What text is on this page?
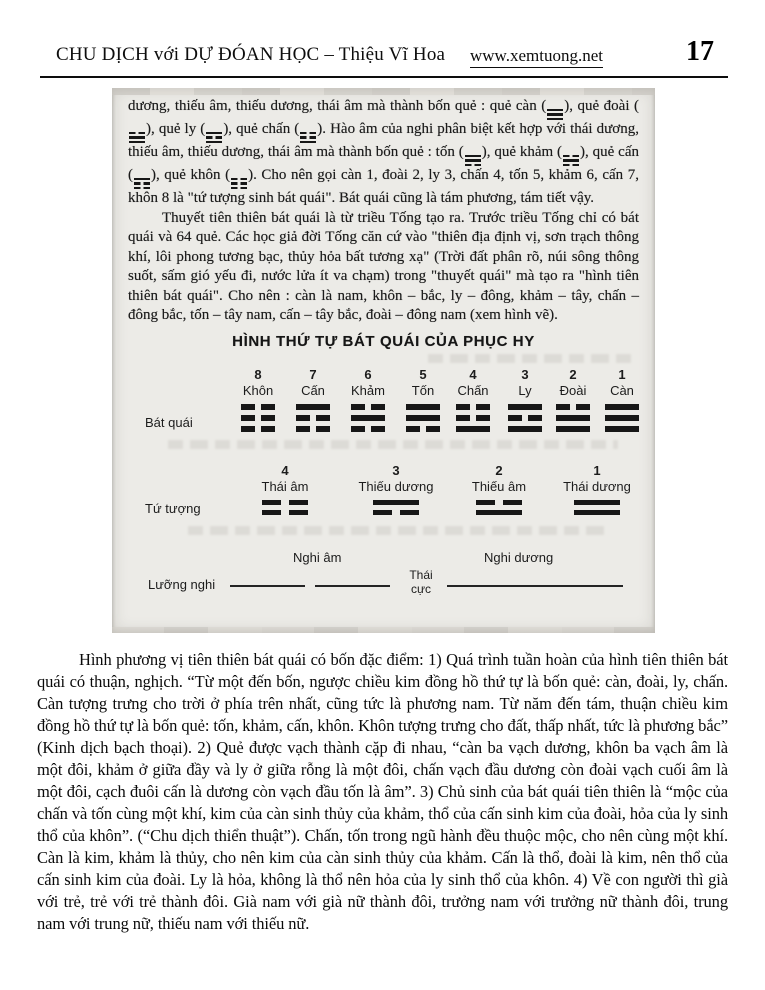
CHU DỊCH với DỰ ĐÓAN HỌC – Thiệu Vĩ Hoa www.xemtuong.net	17

dương, thiếu âm, thiếu dương, thái âm mà thành bốn quẻ : quẻ càn ( ), quẻ đoài (
), quẻ ly ( ), quẻ chấn ( ). Hào âm của nghi phân biệt kết hợp với thái dương, thiếu âm, thiếu dương, thái âm mà thành bốn quẻ : tốn ( ), quẻ khảm ( ), quẻ cấn ( ), quẻ khôn ( ). Cho nên gọi càn 1, đoài 2, ly 3, chấn 4, tốn 5, khảm 6, cấn 7, khôn 8 là "tứ tượng sinh bát quái". Bát quái cũng là tám phương, tám tiết vậy.

Thuyết tiên thiên bát quái là từ triều Tống tạo ra. Trước triều Tống chỉ có bát quái và 64 quẻ. Các học giả đời Tống căn cứ vào "thiên địa định vị, sơn trạch thông khí, lôi phong tương bạc, thủy hỏa bất tương xạ" (Trời đất phân rõ, núi sông thông suốt, sấm gió yếu đi, nước lửa ít va chạm) trong "thuyết quái" mà tạo ra "hình tiên thiên bát quái". Cho nên : càn là nam, khôn – bắc, ly – đông, khảm – tây, chấn – đông bắc, tốn – tây nam, cấn – tây bắc, đoài – đông nam (xem hình vẽ).

HÌNH THỨ TỰ BÁT QUÁI CỦA PHỤC HY
8
Khôn
7
Cấn
6
Khảm
5
Tốn
4
Chấn
3
Ly
2
Đoài
1
Càn
Bát quái
4
Thái âm
3
Thiếu dương
2
Thiếu âm
1
Thái dương
Tứ tượng
Nghi âm	Nghi dương
Lưỡng nghi
Thái
cực

Hình phương vị tiên thiên bát quái có bốn đặc điểm: 1) Quá trình tuần hoàn của hình tiên thiên bát quái có thuận, nghịch. “Từ một đến bốn, ngược chiều kim đồng hồ thứ tự là bốn quẻ: càn, đoài, ly, chấn. Càn tượng trưng cho trời ở phía trên nhất, cũng tức là phương nam. Từ năm đến tám, thuận chiều kim đồng hồ thứ tự là bốn quẻ: tốn, khảm, cấn, khôn. Khôn tượng trưng cho đất, thấp nhất, tức là phương bắc” (Kinh dịch bạch thoại). 2) Quẻ được vạch thành cặp đi nhau, “càn ba vạch dương, khôn ba vạch âm là một đôi, khảm ở giữa đầy và ly ở giữa rỗng là một đôi, chấn vạch đầu dương còn đoài vạch cuối âm là một đôi, cạch đuôi cấn là dương còn vạch đầu tốn là âm”. 3) Chủ sinh của bát quái tiên thiên là “mộc của chấn và tốn cùng một khí, kim của càn sinh thủy của khảm, thổ của cấn sinh kim của đoài, hỏa của ly sinh thổ của khôn”. (“Chu dịch thiển thuật”). Chấn, tốn trong ngũ hành đều thuộc mộc, cho nên cùng một khí. Càn là kim, khảm là thủy, cho nên kim của càn sinh thủy của khảm. Cấn là thổ, đoài là kim, nên thổ của cấn sinh kim của đoài. Ly là hỏa, không là thổ nên hỏa của ly sinh thổ của khôn. 4) Về con người thì già với trẻ, trẻ với trẻ thành đôi. Già nam với già nữ thành đôi, trưởng nam với trưởng nữ thành đôi, trung nam với trung nữ, thiếu nam với thiếu nữ.
